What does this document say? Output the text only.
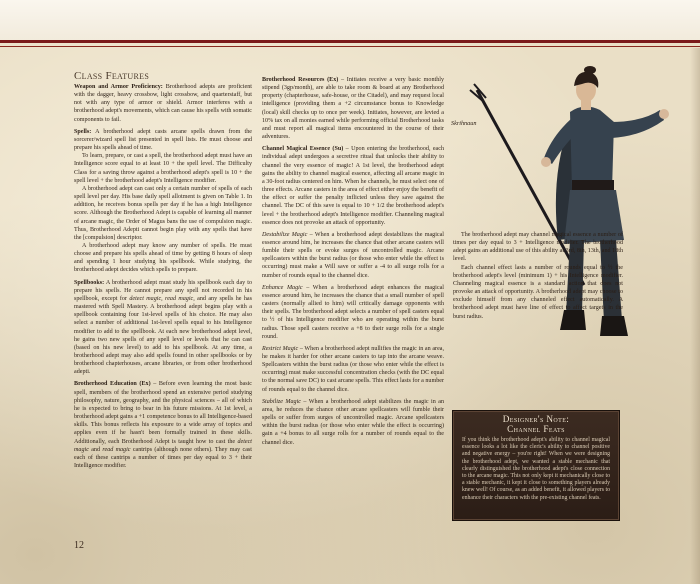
Class Features

Weapon and Armor Proficiency: Brotherhood adepts are proficient with the dagger, heavy crossbow, light crossbow, and quarterstaff, but not with any type of armor or shield. Armor interferes with a brotherhood adept's movements, which can cause his spells with somatic components to fail.

Spells: A brotherhood adept casts arcane spells drawn from the sorcerer/wizard spell list presented in spell lists. He must choose and prepare his spells ahead of time.

To learn, prepare, or cast a spell, the brotherhood adept must have an Intelligence score equal to at least 10 + the spell level. The Difficulty Class for a saving throw against a brotherhood adept's spell is 10 + the spell level + the brotherhood adept's Intelligence modifier.

A brotherhood adept can cast only a certain number of spells of each spell level per day. His base daily spell allotment is given on Table 1. In addition, he receives bonus spells per day if he has a high Intelligence score. Although the Brotherhood Adept is capable of learning all manner of arcane magic, the Order of Magus bans the use of compulsion magic. Thus, Brotherhood Adepti cannot begin play with any spells that have the [compulsion] descriptor.

A brotherhood adept may know any number of spells. He must choose and prepare his spells ahead of time by getting 8 hours of sleep and spending 1 hour studying his spellbook. While studying, the brotherhood adept decides which spells to prepare.

Spellbooks: A brotherhood adept must study his spellbook each day to prepare his spells. He cannot prepare any spell not recorded in his spellbook, except for detect magic, read magic, and any spells he has mastered with Spell Mastery. A brotherhood adept begins play with a spellbook containing four 1st-level spells of his choice. He may also select a number of additional 1st-level spells equal to his Intelligence modifier to add to the spellbook. At each new brotherhood adept level, he gains two new spells of any spell level or levels that he can cast (based on his new level) to add to his spellbook. At any time, a brotherhood adept may also add spells found in other spellbooks or by brotherhood chapterhouses, arcane libraries, or from other brotherhood adepti.

Brotherhood Education (Ex) – Before even learning the most basic spell, members of the brotherhood spend an extensive period studying philosophy, nature, geography, and the physical sciences – all of which he is expected to bring to bear in his future missions. At 1st level, a brotherhood adept gains a +1 competence bonus to all Intelligence-based skills. This bonus reflects his exposure to a wide array of topics and applies even if he hasn't been formally trained in these skills. Additionally, each Brotherhood Adept is taught how to cast the detect magic and read magic cantrips (although none others). They may cast each of these cantrips a number of times per day equal to 3 + their Intelligence modifier.

Brotherhood Resources (Ex) – Initiates receive a very basic monthly stipend (3gp/month), are able to take room & board at any Brotherhood property (chapterhouse, safe-house, or the Citadel), and may request local intelligence (providing them a +2 circumstance bonus to Knowledge (local) skill checks up to once per week). Initiates, however, are levied a 10% tax on all monies earned while performing official Brotherhood tasks and must report all magical items encountered in the course of their adventures.

Channel Magical Essence (Su) – Upon entering the brotherhood, each individual adept undergoes a secretive ritual that unlocks their ability to channel the very essence of magic! A 1st level, the brotherhood adept gains the ability to channel magical essence, affecting all arcane magic in a 30-foot radius centered on him. When he channels, he must select one of three effects. Arcane casters in the area of effect either enjoy the benefit of the effect or suffer the penalty inflicted unless they save against the channel. The DC of this save is equal to 10 + 1/2 the brotherhood adept's level + the brotherhood adept's Intelligence modifier. Channeling magical essence does not provoke an attack of opportunity.

Destabilize Magic – When a brotherhood adept destabilizes the magical essence around him, he increases the chance that other arcane casters will fumble their spells or evoke surges of uncontrolled magic. Arcane spellcasters within the burst radius (or those who enter while the effect is occurring) must make a Will save or suffer a -4 to all surge rolls for a number of rounds equal to the channel dice.

Enhance Magic – When a brotherhood adept enhances the magical essence around him, he increases the chance that a small number of spell casters (normally allied to him) will critically damage opponents with their spells. The brotherhood adept selects a number of spell casters equal to ½ of his Intelligence modifier who are operating within the burst radius. Those spell casters receive a +8 to their surge rolls for a single round.

Restrict Magic – When a brotherhood adept nullifies the magic in an area, he makes it harder for other arcane casters to tap into the arcane weave. Spellcasters within the burst radius (or those who enter while the effect is occurring) must make successful concentration checks (with the DC equal to the normal save DC) to cast arcane spells. This effect lasts for a number of rounds equal to the channel dice.

Stabilize Magic – When a brotherhood adept stabilizes the magic in an area, he reduces the chance other arcane spellcasters will fumble their spells or suffer from surges of uncontrolled magic. Arcane spellcasters within the burst radius (or those who enter while the effect is occurring) gain a +4 bonus to all surge rolls for a number of rounds equal to the channel dice.

Skrihnaun

The brotherhood adept may channel magical essence a number of times per day equal to 3 + Intelligence modifier. The brotherhood adept gains an additional use of this ability at 3rd, 8th, 13th, and 18th level.

Each channel effect lasts a number of rounds equal to ½ the brotherhood adept's level (minimum 1) + his Intelligence modifier. Channeling magical essence is a standard action that does not provoke an attack of opportunity. A brotherhood adept may choose to exclude himself from any channeled effect automatically. A brotherhood adept must have line of effect to affect targets in the burst radius.

Designer's Note:
Channel Feats
If you think the brotherhood adept's ability to channel magical essence looks a lot like the cleric's ability to channel positive and negative energy – you're right! When we were designing the brotherhood adept, we wanted a stable mechanic that clearly distinguished the brotherhood adept's close connection to the arcane magic. This not only kept it mechanically close to a stable mechanic, it kept it close to something players already knew well! Of course, as an added benefit, it allowed players to enhance their characters with the pre-existing channel feats.
12
